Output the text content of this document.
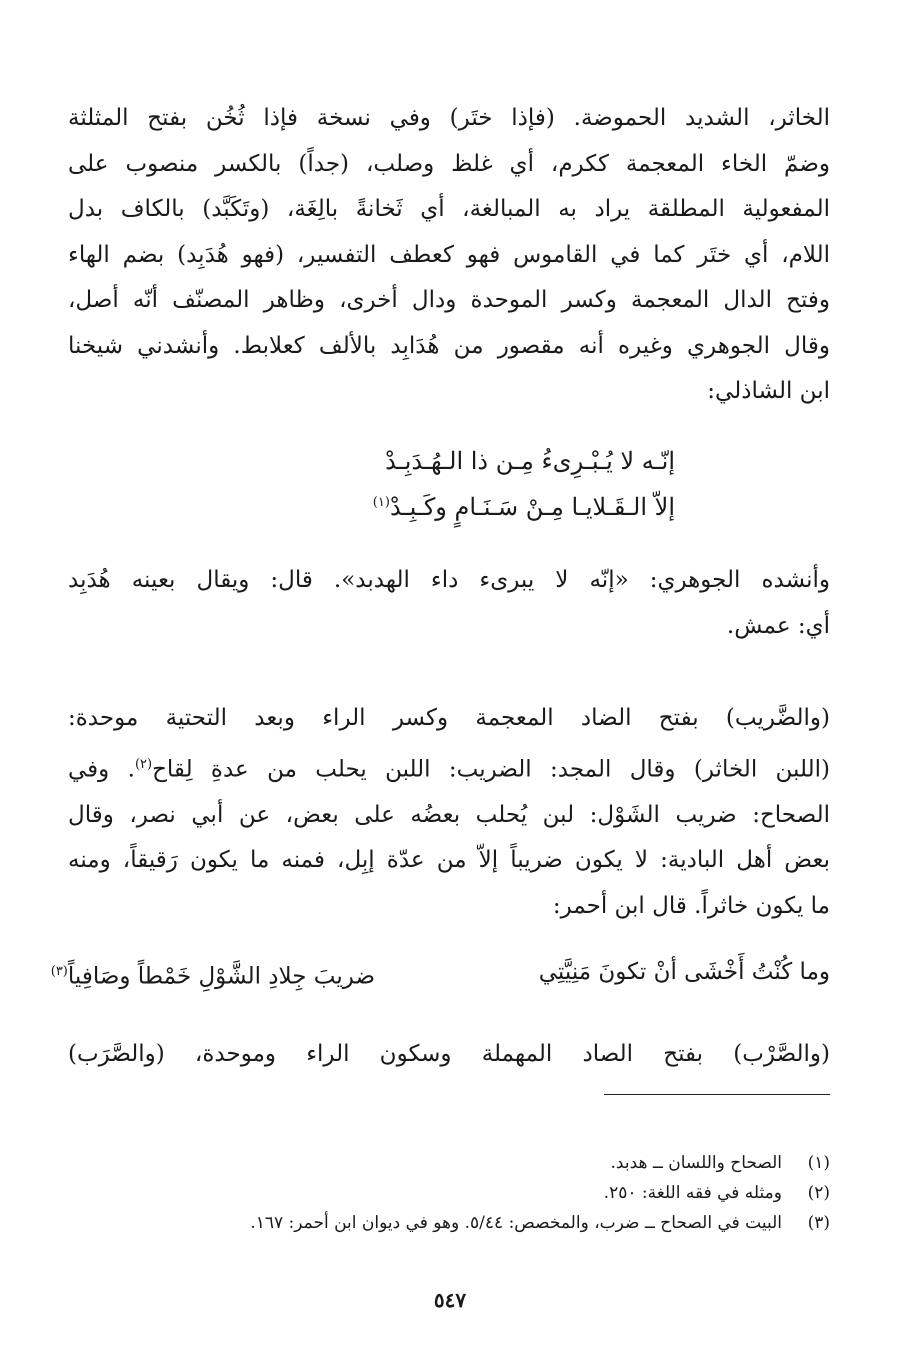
الخاثر، الشديد الحموضة. (فإذا ختَر) وفي نسخة فإذا ثُخُن بفتح المثلثة
وضمّ الخاء المعجمة ككرم، أي غلظ وصلب، (جداً) بالكسر منصوب على
المفعولية المطلقة يراد به المبالغة، أي ثَخانةً بالِغَة، (وتَكَبَّد) بالكاف بدل
اللام، أي ختَر كما في القاموس فهو كعطف التفسير، (فهو هُدَبِد) بضم الهاء
وفتح الدال المعجمة وكسر الموحدة ودال أخرى، وظاهر المصنّف أنّه أصل،
وقال الجوهري وغيره أنه مقصور من هُدَابِد بالألف كعلابط. وأنشدني شيخنا
ابن الشاذلي:
إنّـه لا يُـبْـرِىءُ مِـن ذا الـهُـدَبِـدْ
إلاّ الـقَـلايـا مِـنْ سَـنَـامٍ وكَـبِـدْ$^{(١)}$
وأنشده الجوهري: «إنّه لا يبرىء داء الهدبد». قال: ويقال بعينه هُدَبِد
أي: عمش.
(والضَّريب) بفتح الضاد المعجمة وكسر الراء وبعد التحتية موحدة:
(اللبن الخاثر) وقال المجد: الضريب: اللبن يحلب من عدةِ لِقاح$^{(٢)}$. وفي
الصحاح: ضريب الشَوْل: لبن يُحلب بعضُه على بعض، عن أبي نصر، وقال
بعض أهل البادية: لا يكون ضريباً إلاّ من عدّة إبِل، فمنه ما يكون رَقيقاً، ومنه
ما يكون خاثراً. قال ابن أحمر:
وما كُنْتُ أَخْشَى أنْ تكونَ مَنِيَّتِي
ضريبَ جِلادِ الشَّوْلِ خَمْطاً وصَافِياً$^{(٣)}$
(والصَّرْب) بفتح الصاد المهملة وسكون الراء وموحدة، (والصَّرَب)
(١)
الصحاح واللسان ــ هدبد.
(٢)
ومثله في فقه اللغة: ٢٥٠.
(٣)
البيت في الصحاح ــ ضرب، والمخصص: ٥/٤٤. وهو في ديوان ابن أحمر: ١٦٧.
٥٤٧
